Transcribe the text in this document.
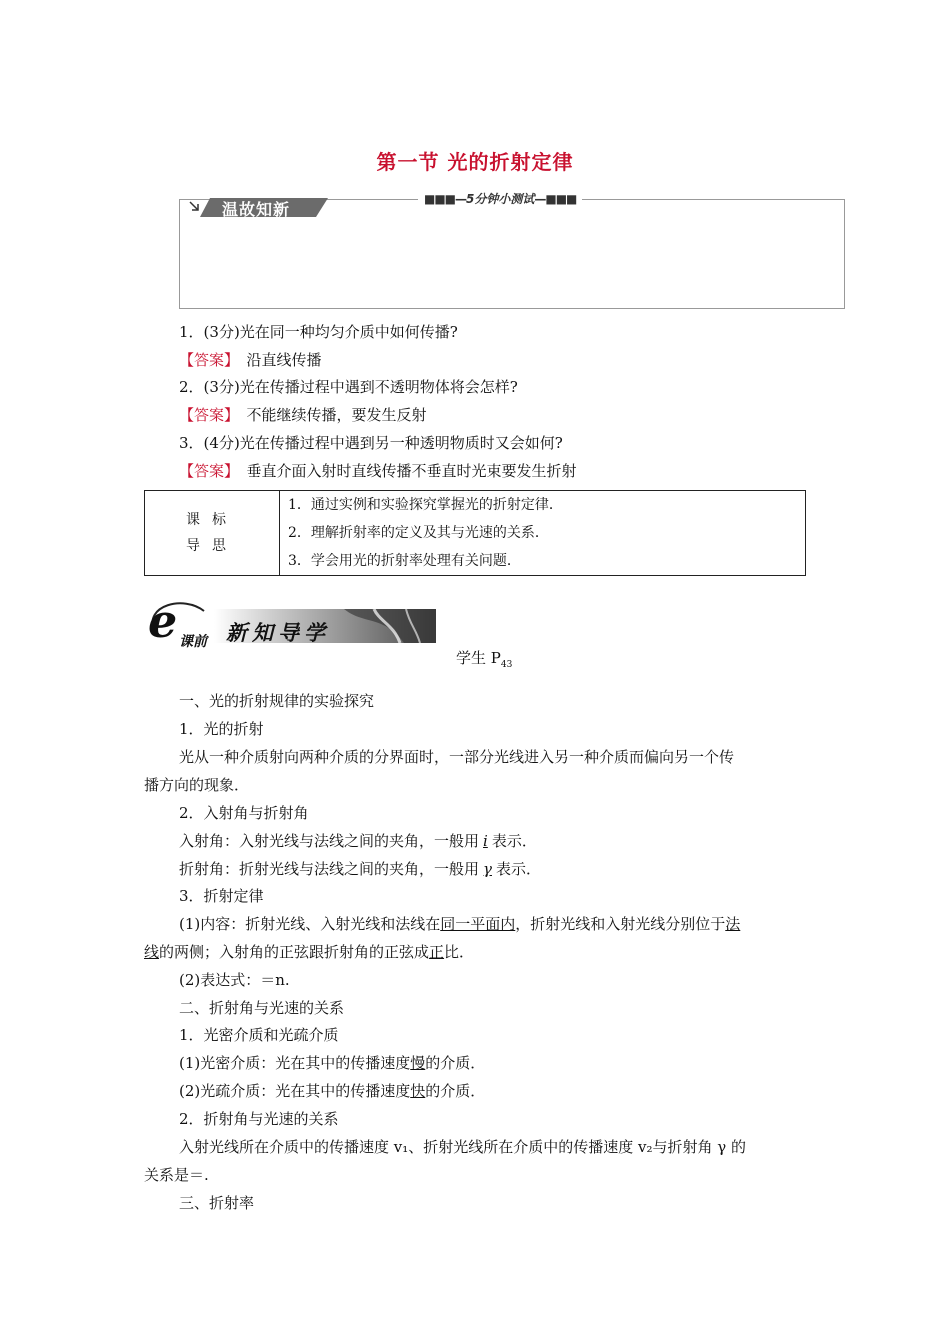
第一节 光的折射定律
温故知新
■■■—5分钟小测试—■■■
1．(3分)光在同一种均匀介质中如何传播?
【答案】　 沿直线传播
2．(3分)光在传播过程中遇到不透明物体将会怎样?
【答案】　 不能继续传播，要发生反射
3．(4分)光在传播过程中遇到另一种透明物质时又会如何?
【答案】　 垂直介面入射时直线传播不垂直时光束要发生折射
课标
导思

1．通过实例和实验探究掌握光的折射定律．
2．理解折射率的定义及其与光速的关系．
3．学会用光的折射率处理有关问题．
e 课前 新知导学
学生 $P_{43}$
一、光的折射规律的实验探究
1．光的折射
光从一种介质射向两种介质的分界面时，一部分光线进入另一种介质而偏向另一个传
播方向的现象．
2．入射角与折射角
入射角：入射光线与法线之间的夹角，一般用 i 表示．
折射角：折射光线与法线之间的夹角，一般用 γ 表示．
3．折射定律
(1)内容：折射光线、入射光线和法线在同一平面内，折射光线和入射光线分别位于法
线的两侧；入射角的正弦跟折射角的正弦成正比．
(2)表达式：＝n.
二、折射角与光速的关系
1．光密介质和光疏介质
(1)光密介质：光在其中的传播速度慢的介质．
(2)光疏介质：光在其中的传播速度快的介质．
2．折射角与光速的关系
入射光线所在介质中的传播速度 v₁、折射光线所在介质中的传播速度 v₂与折射角 γ 的
关系是＝.
三、折射率
